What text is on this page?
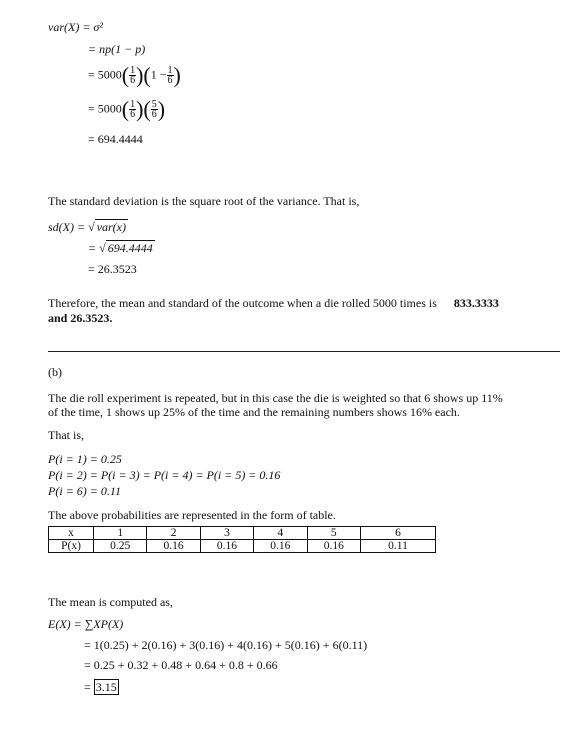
var(X) = σ²
= np(1 − p)
= $5000( \frac{1}{6} )(1 - \frac{1}{6}$ )
= $5000( \frac{1}{6}$ )( $\frac{5}{6}$ )
= 694.4444
The standard deviation is the square root of the variance. That is,
sd(X) = √ var(x)
= √ 694.4444
= 26.3523
Therefore, the mean and standard of the outcome when a die rolled 5000 times is 833.3333
and 26.3523.
(b)
The die roll experiment is repeated, but in this case the die is weighted so that 6 shows up 11%
of the time, 1 shows up 25% of the time and the remaining numbers shows 16% each.
That is,
P(i = 1) = 0.25
P(i = 2) = P(i = 3) = P(i = 4) = P(i = 5) = 0.16
P(i = 6) = 0.11
The above probabilities are represented in the form of table.
x	1	2	3	4	5	6
P(x)	0.25	0.16	0.16	0.16	0.16	0.11
The mean is computed as,
E(X) = ∑XP(X)
= 1(0.25) + 2(0.16) + 3(0.16) + 4(0.16) + 5(0.16) + 6(0.11)
= 0.25 + 0.32 + 0.48 + 0.64 + 0.8 + 0.66
= 3.15
